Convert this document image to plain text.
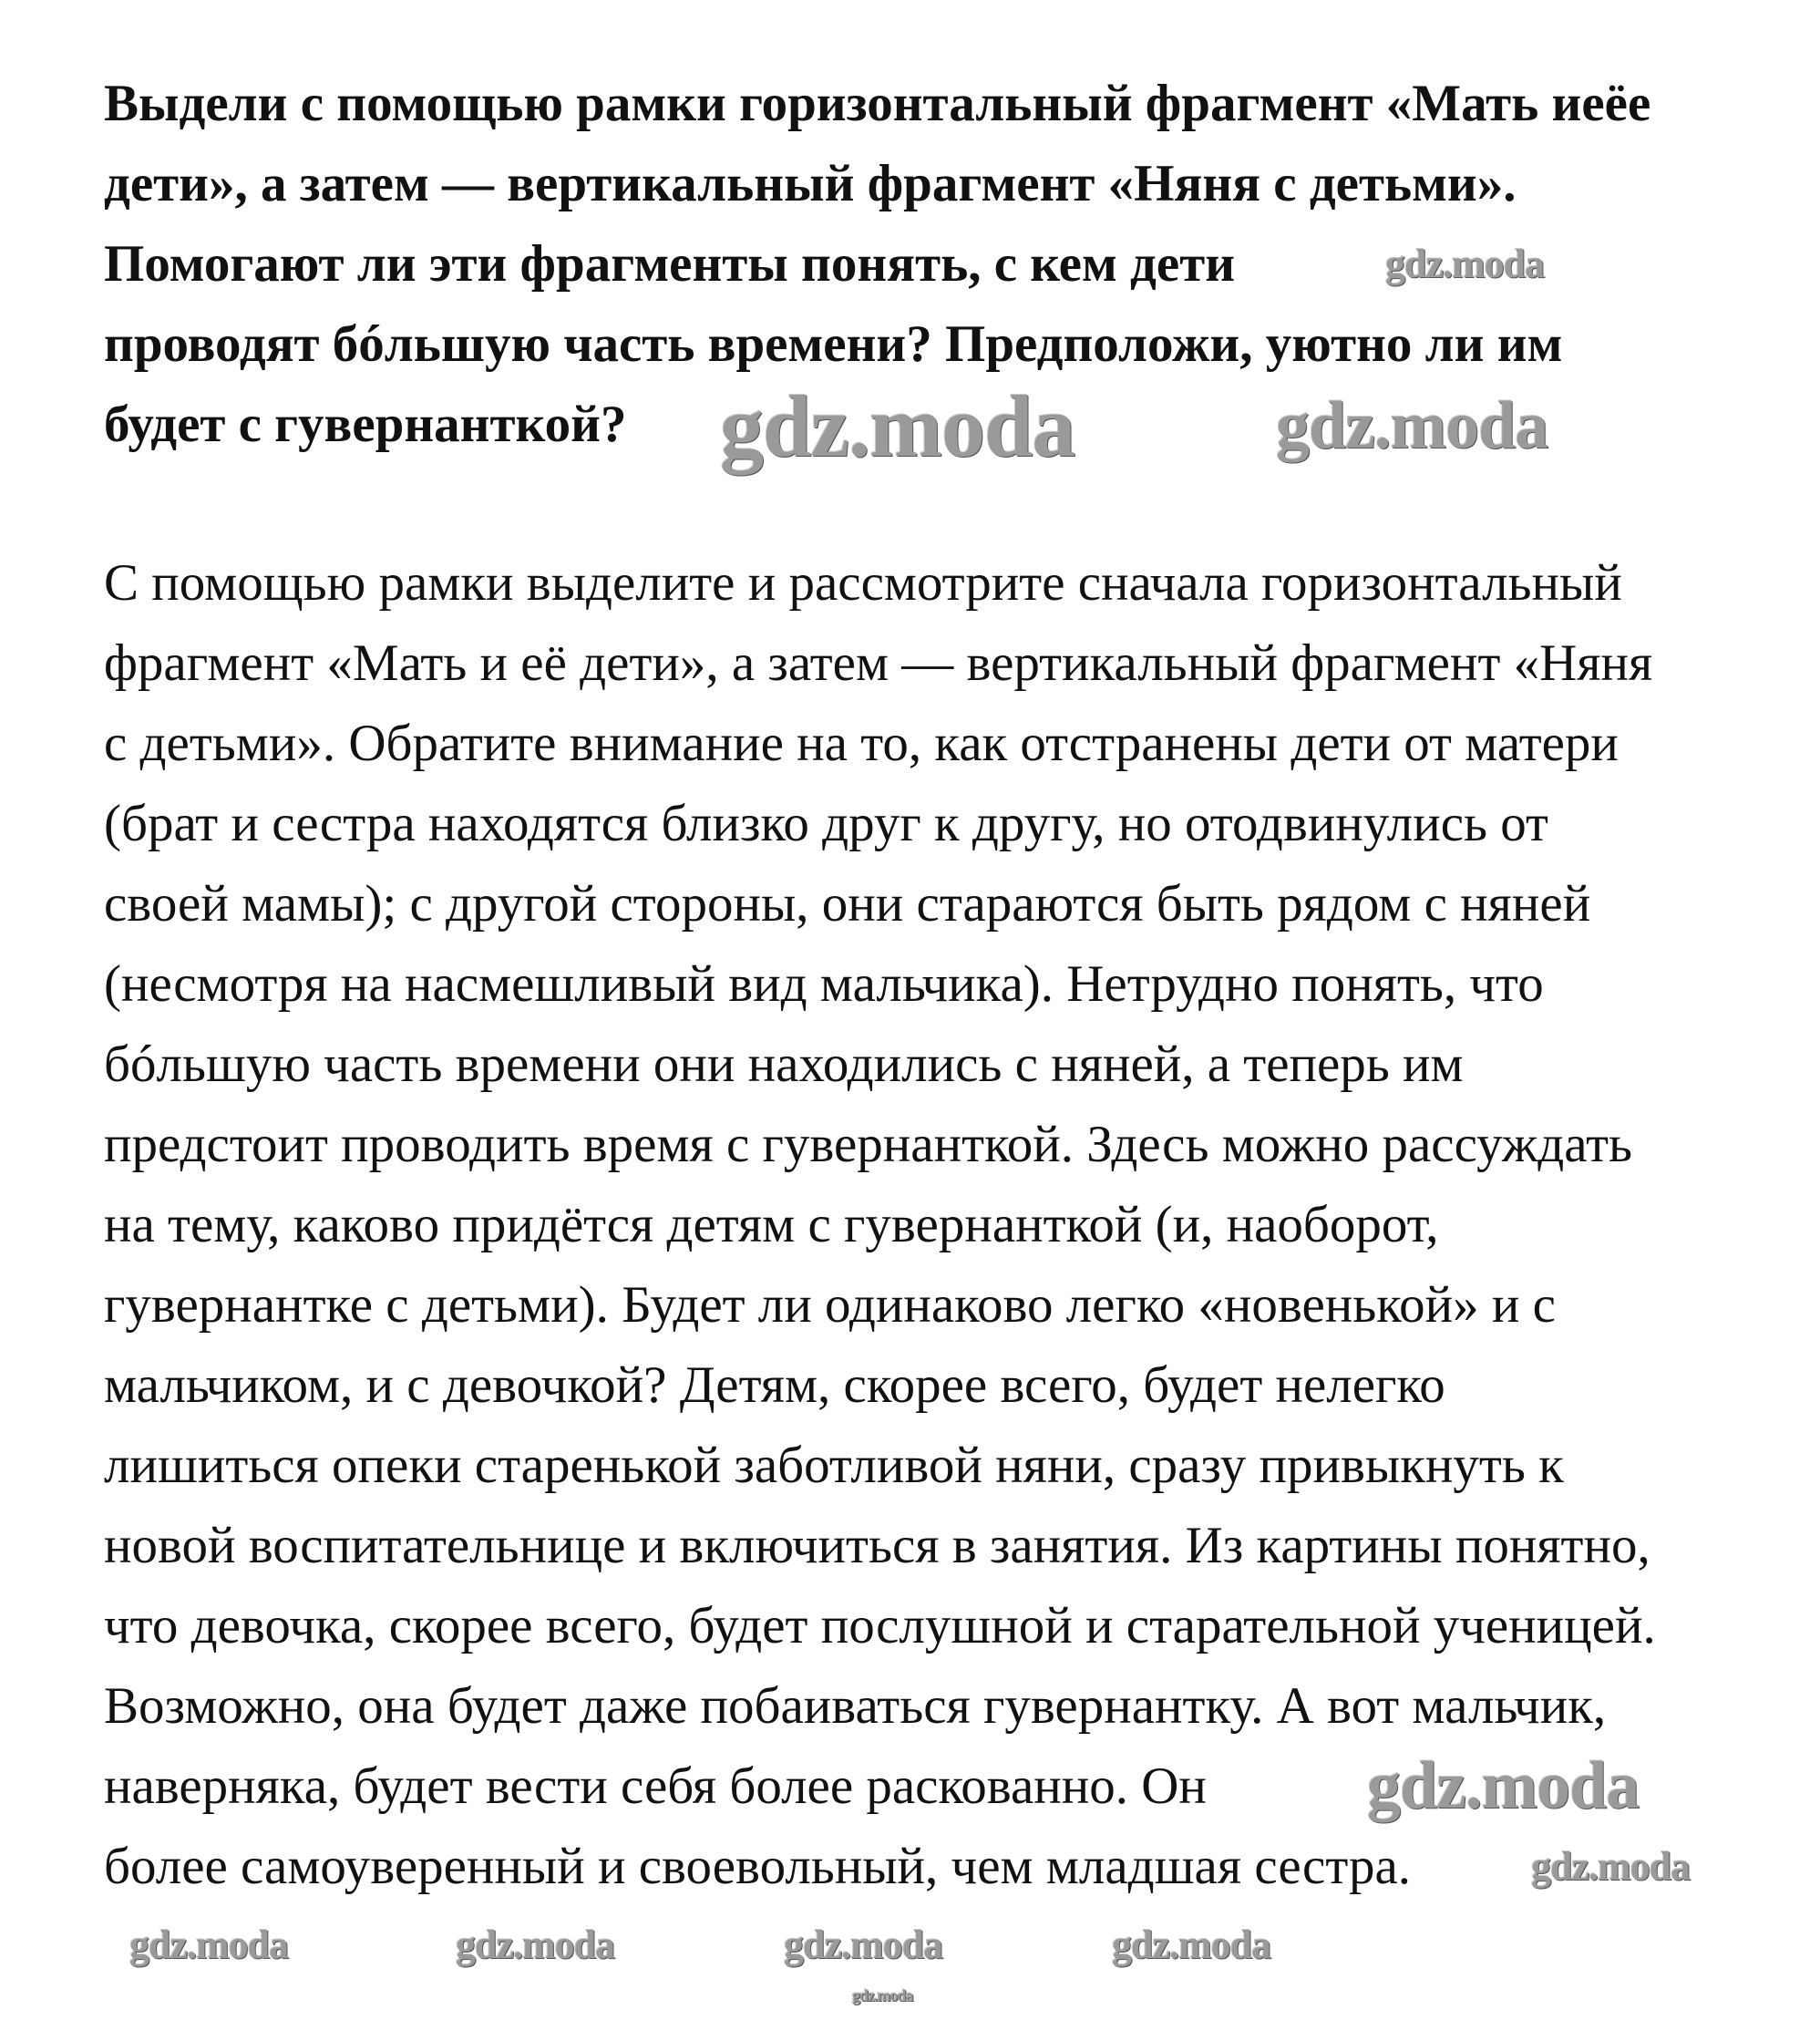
Выдели с помощью рамки горизонтальный фрагмент «Мать иеёе
дети», а затем — вертикальный фрагмент «Няня с детьми».
Помогают ли эти фрагменты понять, с кем дети
проводят бóльшую часть времени? Предположи, уютно ли им
будет с гувернанткой?
С помощью рамки выделите и рассмотрите сначала горизонтальный
фрагмент «Мать и её дети», а затем — вертикальный фрагмент «Няня
с детьми». Обратите внимание на то, как отстранены дети от матери
(брат и сестра находятся близко друг к другу, но отодвинулись от
своей мамы); с другой стороны, они стараются быть рядом с няней
(несмотря на насмешливый вид мальчика). Нетрудно понять, что
бóльшую часть времени они находились с няней, а теперь им
предстоит проводить время с гувернанткой. Здесь можно рассуждать
на тему, каково придётся детям с гувернанткой (и, наоборот,
гувернантке с детьми). Будет ли одинаково легко «новенькой» и с
мальчиком, и с девочкой? Детям, скорее всего, будет нелегко
лишиться опеки старенькой заботливой няни, сразу привыкнуть к
новой воспитательнице и включиться в занятия. Из картины понятно,
что девочка, скорее всего, будет послушной и старательной ученицей.
Возможно, она будет даже побаиваться гувернантку. А вот мальчик,
наверняка, будет вести себя более раскованно. Он
более самоуверенный и своевольный, чем младшая сестра.
gdz.moda
gdz.moda
gdz.moda
gdz.moda	gdz.moda	gdz.moda
gdz.moda
gdz.moda
gdz.moda
gdz.moda
